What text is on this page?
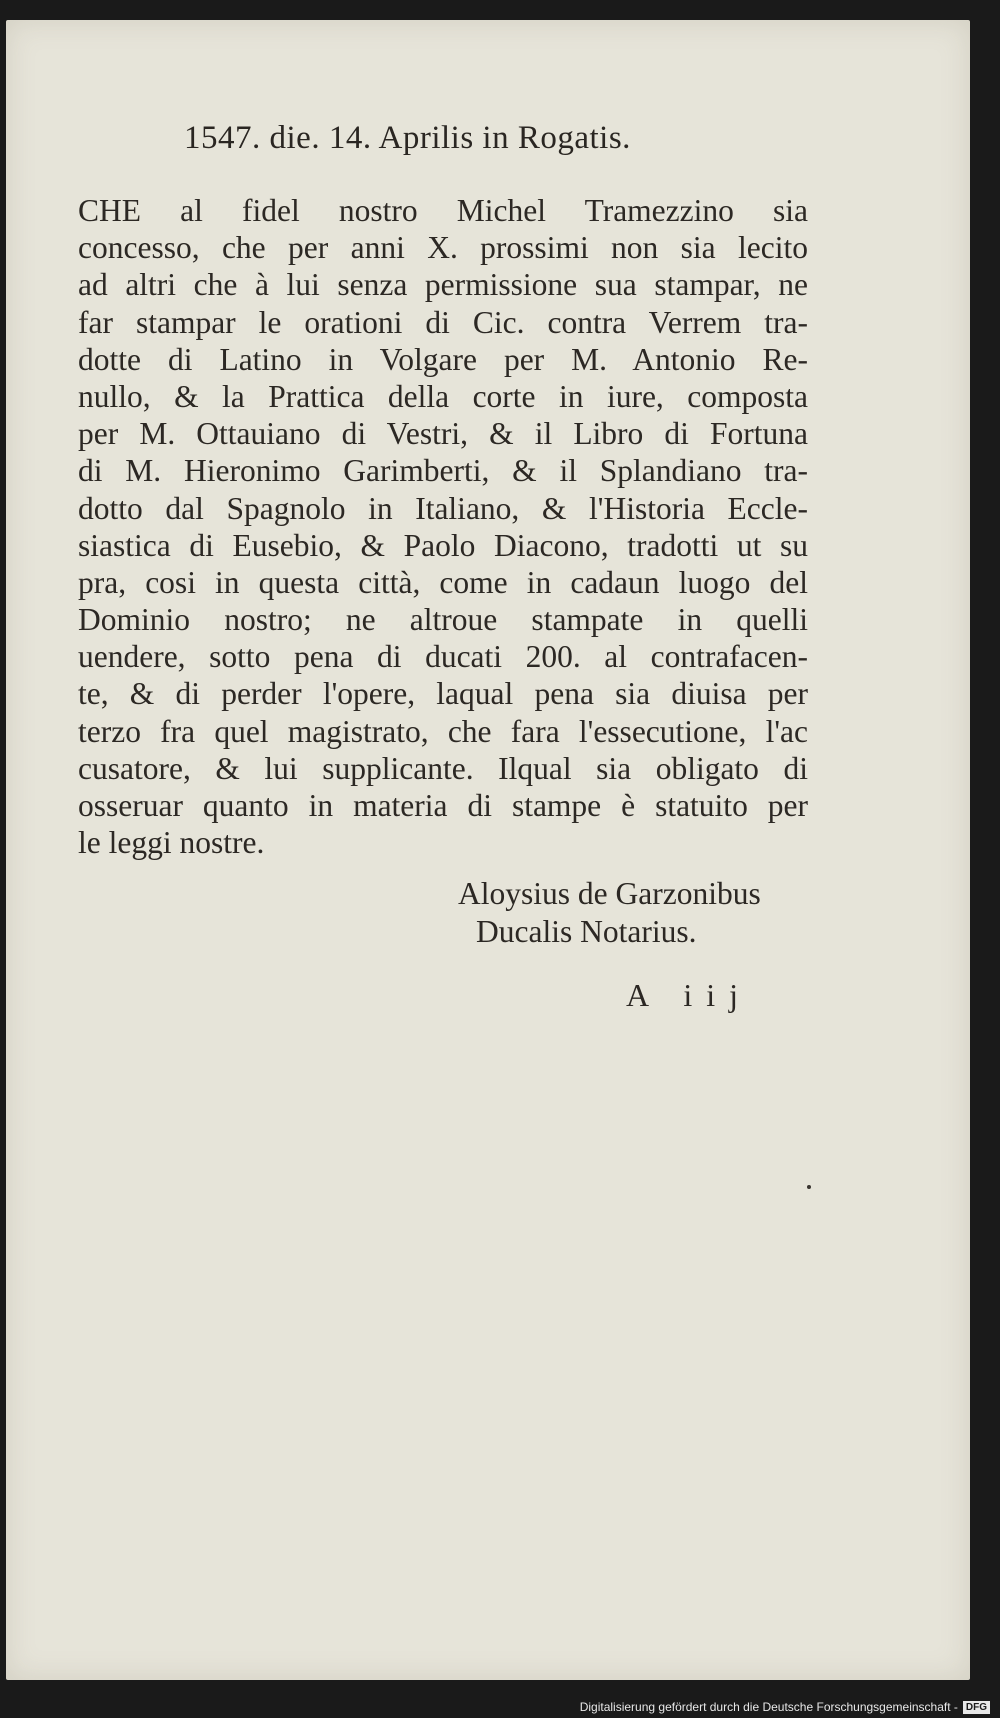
1547. die. 14. Aprilis in Rogatis.
CHE al fidel nostro Michel Tramezzino sia
concesso, che per anni X. prossimi non sia lecito
ad altri che à lui senza permissione sua stampar, ne
far stampar le orationi di Cic. contra Verrem tra-
dotte di Latino in Volgare per M. Antonio Re-
nullo, & la Prattica della corte in iure, composta
per M. Ottauiano di Vestri, & il Libro di Fortuna
di M. Hieronimo Garimberti, & il Splandiano tra-
dotto dal Spagnolo in Italiano, & l'Historia Eccle-
siastica di Eusebio, & Paolo Diacono, tradotti ut su
pra, cosi in questa città, come in cadaun luogo del
Dominio nostro; ne altroue stampate in quelli
uendere, sotto pena di ducati 200. al contrafacen-
te, & di perder l'opere, laqual pena sia diuisa per
terzo fra quel magistrato, che fara l'essecutione, l'ac
cusatore, & lui supplicante. Ilqual sia obligato di
osseruar quanto in materia di stampe è statuito per
le leggi nostre.
Aloysius de Garzonibus
Ducalis Notarius.
A iij
Digitalisierung gefördert durch die Deutsche Forschungsgemeinschaft - DFG
